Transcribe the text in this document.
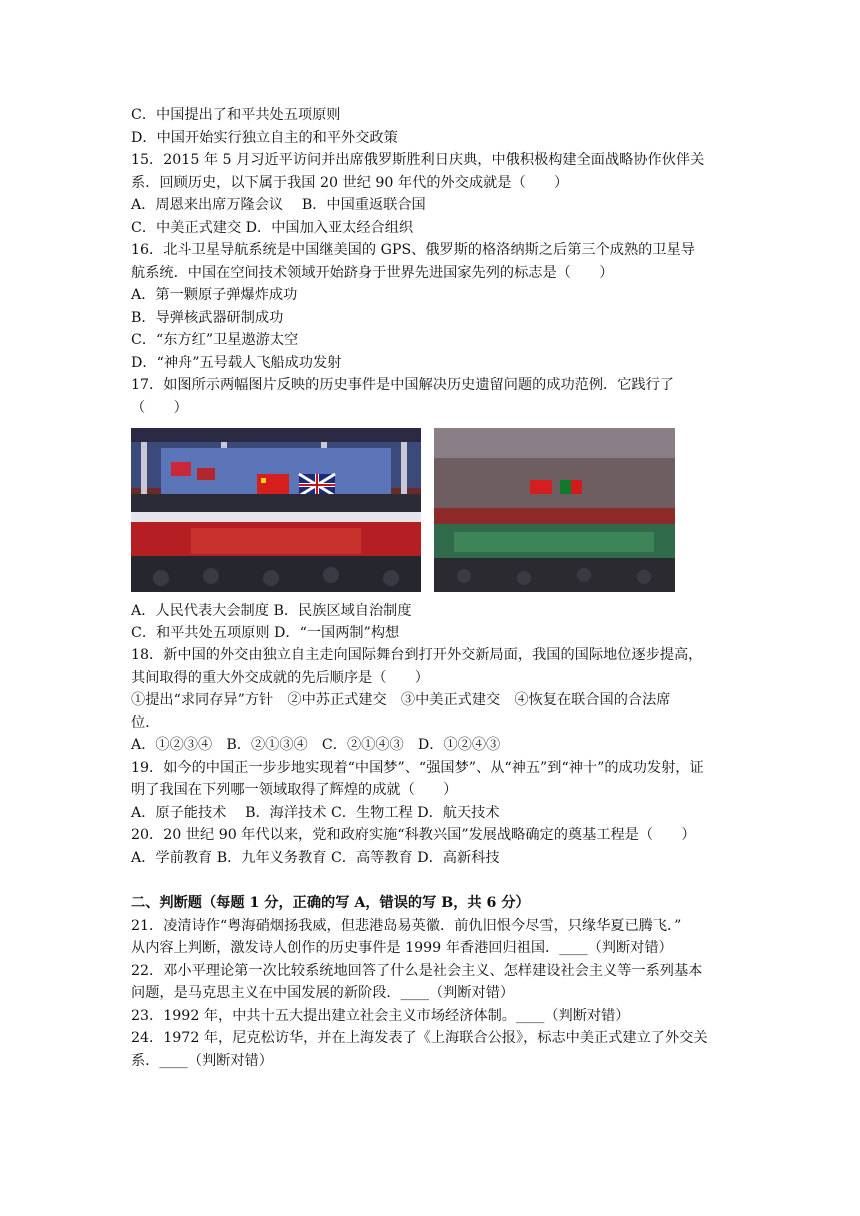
C．中国提出了和平共处五项原则
D．中国开始实行独立自主的和平外交政策
15．2015 年 5 月习近平访问并出席俄罗斯胜利日庆典，中俄积极构建全面战略协作伙伴关
系．回顾历史，以下属于我国 20 世纪 90 年代的外交成就是（　　）
A．周恩来出席万隆会议　 B．中国重返联合国
C．中美正式建交 D．中国加入亚太经合组织
16．北斗卫星导航系统是中国继美国的 GPS、俄罗斯的格洛纳斯之后第三个成熟的卫星导
航系统．中国在空间技术领域开始跻身于世界先进国家先列的标志是（　　）
A．第一颗原子弹爆炸成功
B．导弹核武器研制成功
C．“东方红”卫星遨游太空
D．“神舟”五号载人飞船成功发射
17．如图所示两幅图片反映的历史事件是中国解决历史遗留问题的成功范例．它践行了
（　　）
A．人民代表大会制度 B．民族区域自治制度
C．和平共处五项原则 D．“一国两制”构想
18．新中国的外交由独立自主走向国际舞台到打开外交新局面，我国的国际地位逐步提高，
其间取得的重大外交成就的先后顺序是（　　）
①提出“求同存异”方针　②中苏正式建交　③中美正式建交　④恢复在联合国的合法席
位．
A．①②③④　B．②①③④　C．②①④③　D．①②④③
19．如今的中国正一步步地实现着“中国梦”、“强国梦”、从“神五”到“神十”的成功发射，证
明了我国在下列哪一领域取得了辉煌的成就（　　）
A．原子能技术　 B．海洋技术 C．生物工程 D．航天技术
20．20 世纪 90 年代以来，党和政府实施“科教兴国”发展战略确定的奠基工程是（　　）
A．学前教育 B．九年义务教育 C．高等教育 D．高新科技
二、判断题（每题 1 分，正确的写 A，错误的写 B，共 6 分）
21．凌清诗作“粤海硝烟扬我威，但悲港岛易英徽．前仇旧恨今尽雪，只缘华夏已腾飞．”
从内容上判断，激发诗人创作的历史事件是 1999 年香港回归祖国．____（判断对错）
22．邓小平理论第一次比较系统地回答了什么是社会主义、怎样建设社会主义等一系列基本
问题，是马克思主义在中国发展的新阶段．____（判断对错）
23．1992 年，中共十五大提出建立社会主义市场经济体制。____（判断对错）
24．1972 年，尼克松访华，并在上海发表了《上海联合公报》，标志中美正式建立了外交关
系．____（判断对错）
